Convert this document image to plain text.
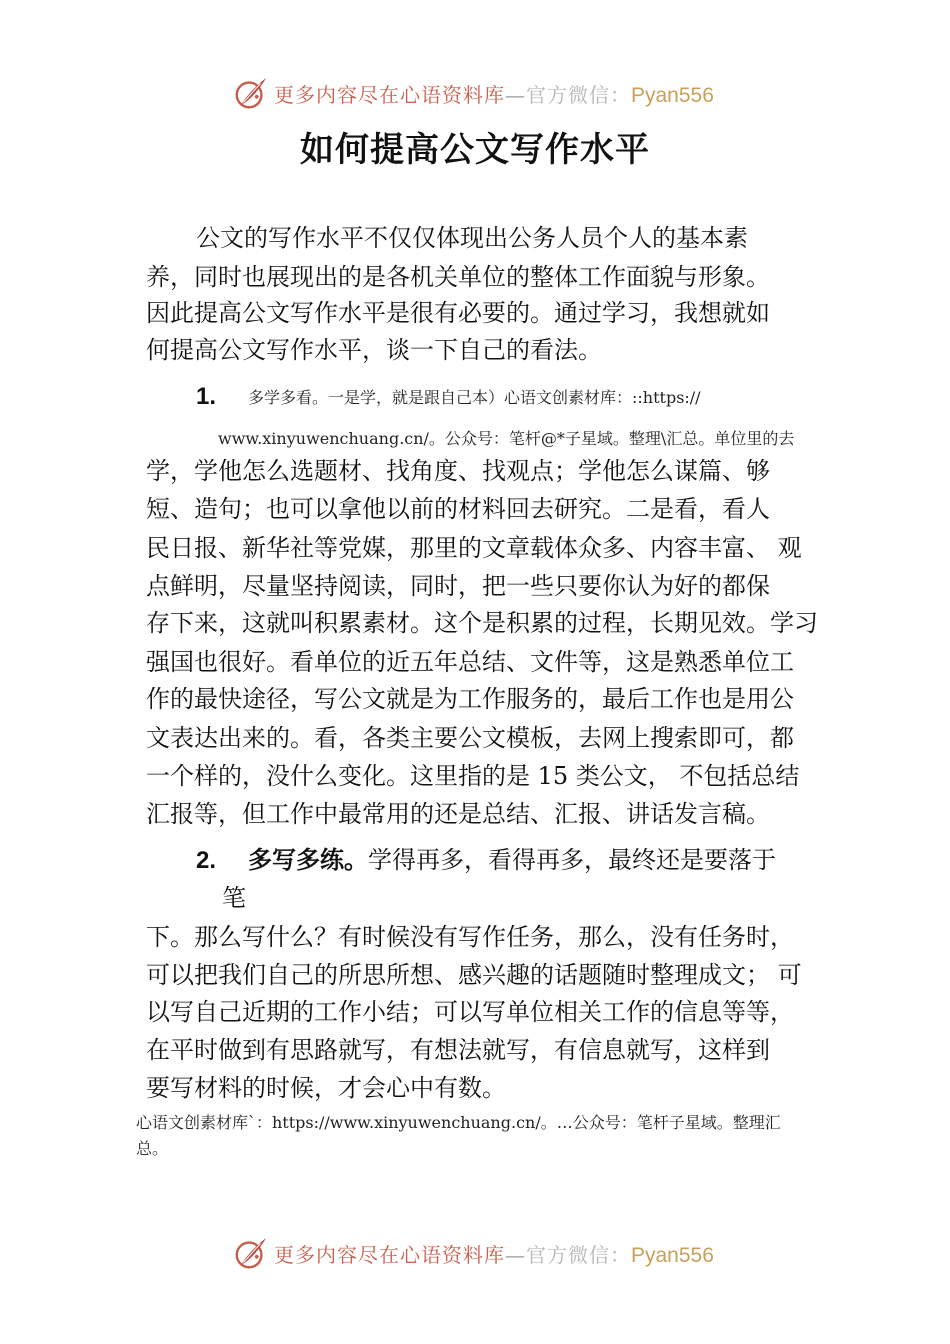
更多内容尽在心语资料库—官方微信：Pyan556
如何提高公文写作水平
公文的写作水平不仅仅体现出公务人员个人的基本素
养，同时也展现出的是各机关单位的整体工作面貌与形象。
因此提高公文写作水平是很有必要的。通过学习，我想就如
何提高公文写作水平，谈一下自己的看法。
1. 多学多看。一是学，就是跟自己本）心语文创素材库：::https://
www.xinyuwenchuang.cn/。公众号：笔杆@*子星域。整理\汇总。单位里的去
学，学他怎么选题材、找角度、找观点；学他怎么谋篇、够
短、造句；也可以拿他以前的材料回去研究。二是看，看人
民日报、新华社等党媒，那里的文章载体众多、内容丰富、 观
点鲜明，尽量坚持阅读，同时，把一些只要你认为好的都保
存下来，这就叫积累素材。这个是积累的过程，长期见效。学习
强国也很好。看单位的近五年总结、文件等，这是熟悉单位工
作的最快途径，写公文就是为工作服务的，最后工作也是用公
文表达出来的。看，各类主要公文模板，去网上搜索即可，都
一个样的，没什么变化。这里指的是 15 类公文， 不包括总结
汇报等，但工作中最常用的还是总结、汇报、讲话发言稿。
2. 多写多练。学得再多，看得再多，最终还是要落于
笔
下。那么写什么？有时候没有写作任务，那么，没有任务时，
可以把我们自己的所思所想、感兴趣的话题随时整理成文； 可
以写自己近期的工作小结；可以写单位相关工作的信息等等，
在平时做到有思路就写，有想法就写，有信息就写，这样到
要写材料的时候，才会心中有数。
心语文创素材库`：https://www.xinyuwenchuang.cn/。…公众号：笔杆子星域。整理汇
总。
更多内容尽在心语资料库—官方微信：Pyan556
